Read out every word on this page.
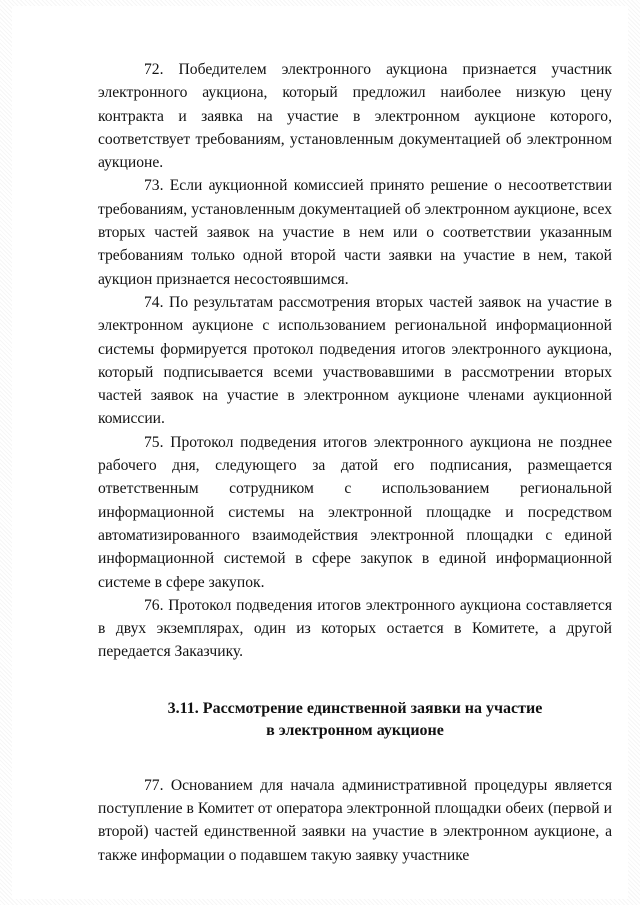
72. Победителем электронного аукциона признается участник электронного аукциона, который предложил наиболее низкую цену контракта и заявка на участие в электронном аукционе которого, соответствует требованиям, установленным документацией об электронном аукционе.

73. Если аукционной комиссией принято решение о несоответствии требованиям, установленным документацией об электронном аукционе, всех вторых частей заявок на участие в нем или о соответствии указанным требованиям только одной второй части заявки на участие в нем, такой аукцион признается несостоявшимся.

74. По результатам рассмотрения вторых частей заявок на участие в электронном аукционе с использованием региональной информационной системы формируется протокол подведения итогов электронного аукциона, который подписывается всеми участвовавшими в рассмотрении вторых частей заявок на участие в электронном аукционе членами аукционной комиссии.

75. Протокол подведения итогов электронного аукциона не позднее рабочего дня, следующего за датой его подписания, размещается ответственным сотрудником с использованием региональной информационной системы на электронной площадке и посредством автоматизированного взаимодействия электронной площадки с единой информационной системой в сфере закупок в единой информационной системе в сфере закупок.

76. Протокол подведения итогов электронного аукциона составляется в двух экземплярах, один из которых остается в Комитете, а другой передается Заказчику.

3.11. Рассмотрение единственной заявки на участие
в электронном аукционе

77. Основанием для начала административной процедуры является поступление в Комитет от оператора электронной площадки обеих (первой и второй) частей единственной заявки на участие в электронном аукционе, а также информации о подавшем такую заявку участнике
